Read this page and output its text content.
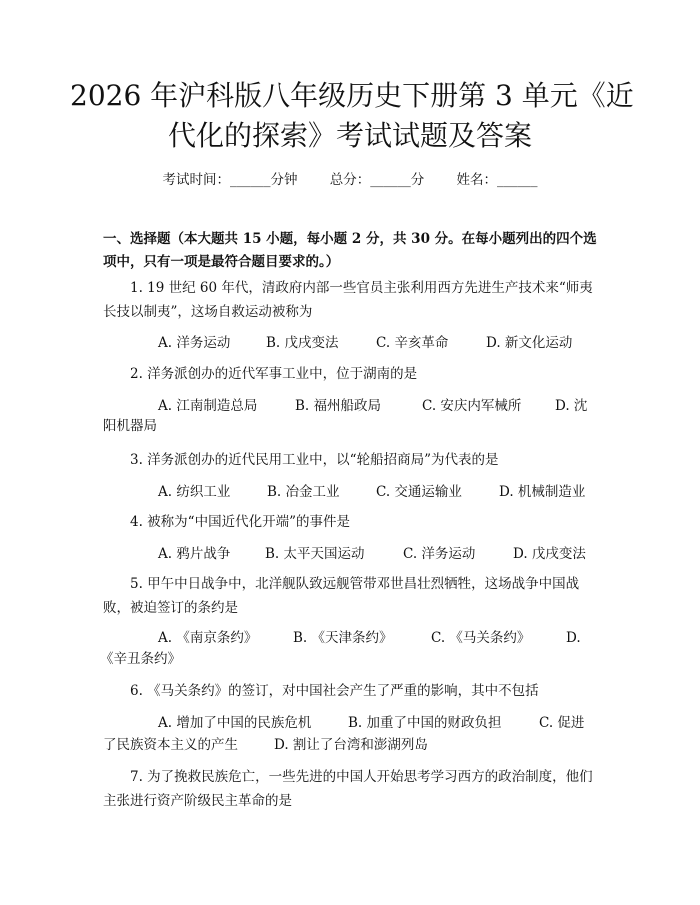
2026 年沪科版八年级历史下册第 3 单元《近
代化的探索》考试试题及答案
考试时间：______分钟 总分：______分 姓名：______
一、选择题（本大题共 15 小题，每小题 2 分，共 30 分。在每小题列出的四个选项中，只有一项是最符合题目要求的。）
1. 19 世纪 60 年代，清政府内部一些官员主张利用西方先进生产技术来“师夷长技以制夷”，这场自救运动被称为
A. 洋务运动	B. 戊戌变法	C. 辛亥革命	D. 新文化运动
2. 洋务派创办的近代军事工业中，位于湖南的是
A. 江南制造总局	B. 福州船政局	C. 安庆内军械所 D. 沈
阳机器局
3. 洋务派创办的近代民用工业中，以“轮船招商局”为代表的是
A. 纺织工业	B. 冶金工业	C. 交通运输业	D. 机械制造业
4. 被称为“中国近代化开端”的事件是
A. 鸦片战争	B. 太平天国运动	C. 洋务运动	D. 戊戌变法
5. 甲午中日战争中，北洋舰队致远舰管带邓世昌壮烈牺牲，这场战争中国战败，被迫签订的条约是
A. 《南京条约》	B. 《天津条约》	C. 《马关条约》	D.
《辛丑条约》
6. 《马关条约》的签订，对中国社会产生了严重的影响，其中不包括
A. 增加了中国的民族危机	B. 加重了中国的财政负担	C. 促进
了民族资本主义的产生	D. 割让了台湾和澎湖列岛
7. 为了挽救民族危亡，一些先进的中国人开始思考学习西方的政治制度，他们主张进行资产阶级民主革命的是
